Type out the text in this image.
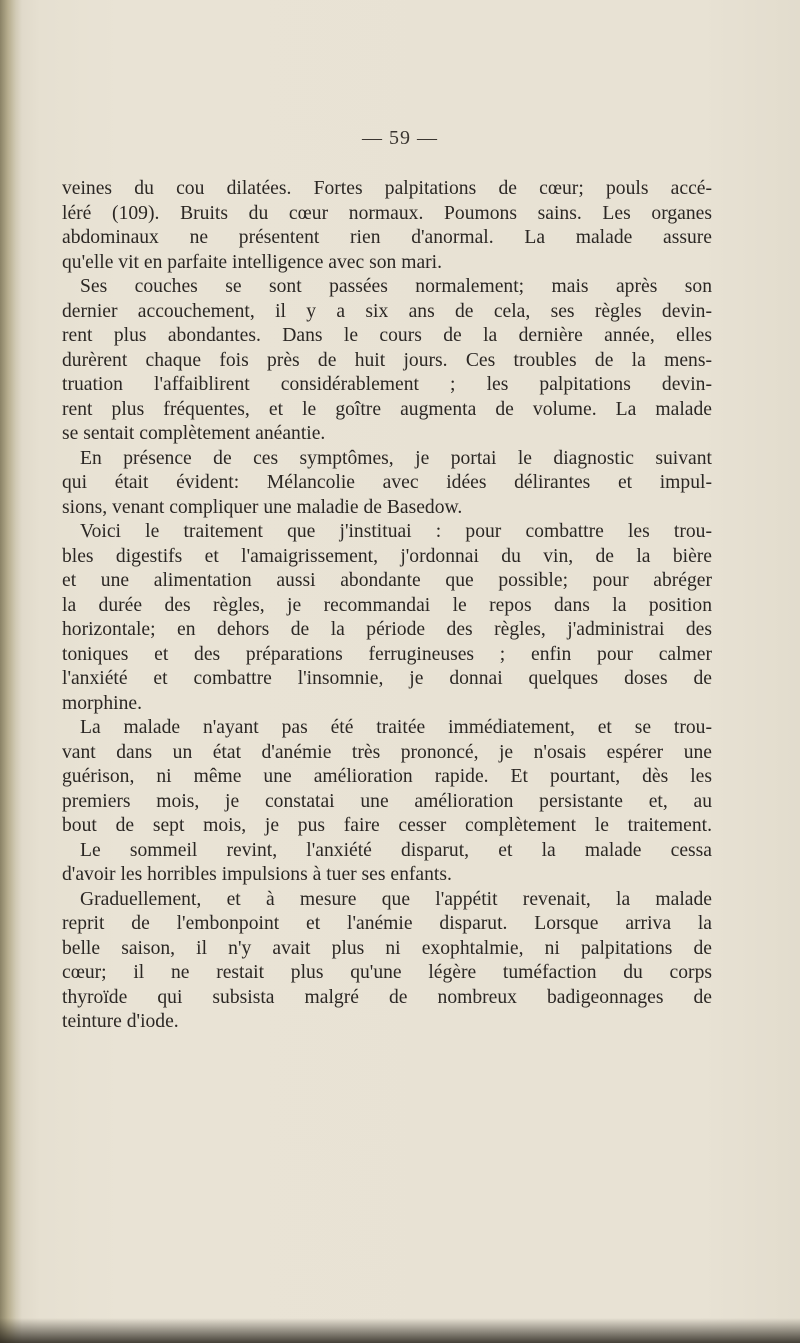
— 59 —
veines du cou dilatées. Fortes palpitations de cœur; pouls accé-
léré (109). Bruits du cœur normaux. Poumons sains. Les organes
abdominaux ne présentent rien d'anormal. La malade assure
qu'elle vit en parfaite intelligence avec son mari.
Ses couches se sont passées normalement; mais après son
dernier accouchement, il y a six ans de cela, ses règles devin-
rent plus abondantes. Dans le cours de la dernière année, elles
durèrent chaque fois près de huit jours. Ces troubles de la mens-
truation l'affaiblirent considérablement ; les palpitations devin-
rent plus fréquentes, et le goître augmenta de volume. La malade
se sentait complètement anéantie.
En présence de ces symptômes, je portai le diagnostic suivant
qui était évident: Mélancolie avec idées délirantes et impul-
sions, venant compliquer une maladie de Basedow.
Voici le traitement que j'instituai : pour combattre les trou-
bles digestifs et l'amaigrissement, j'ordonnai du vin, de la bière
et une alimentation aussi abondante que possible; pour abréger
la durée des règles, je recommandai le repos dans la position
horizontale; en dehors de la période des règles, j'administrai des
toniques et des préparations ferrugineuses ; enfin pour calmer
l'anxiété et combattre l'insomnie, je donnai quelques doses de
morphine.
La malade n'ayant pas été traitée immédiatement, et se trou-
vant dans un état d'anémie très prononcé, je n'osais espérer une
guérison, ni même une amélioration rapide. Et pourtant, dès les
premiers mois, je constatai une amélioration persistante et, au
bout de sept mois, je pus faire cesser complètement le traitement.
Le sommeil revint, l'anxiété disparut, et la malade cessa
d'avoir les horribles impulsions à tuer ses enfants.
Graduellement, et à mesure que l'appétit revenait, la malade
reprit de l'embonpoint et l'anémie disparut. Lorsque arriva la
belle saison, il n'y avait plus ni exophtalmie, ni palpitations de
cœur; il ne restait plus qu'une légère tuméfaction du corps
thyroïde qui subsista malgré de nombreux badigeonnages de
teinture d'iode.
